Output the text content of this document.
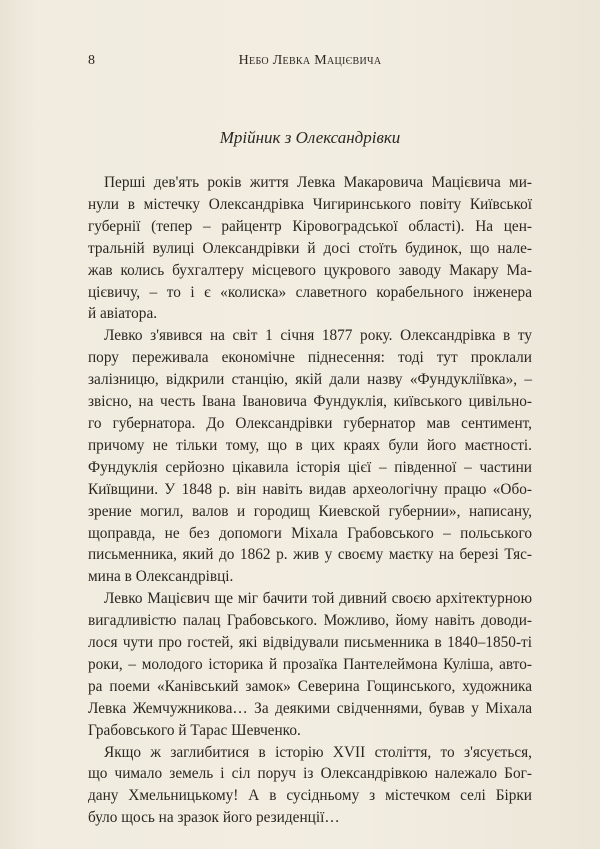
8	Небо Левка Мацієвича
Мрійник з Олександрівки

Перші дев'ять років життя Левка Макаровича Мацієвича ми-
нули в містечку Олександрівка Чигиринського повіту Київської
губернії (тепер – райцентр Кіровоградської області). На цен-
тральній вулиці Олександрівки й досі стоїть будинок, що нале-
жав колись бухгалтеру місцевого цукрового заводу Макару Ма-
цієвичу, – то і є «колиска» славетного корабельного інженера
й авіатора.

Левко з'явився на світ 1 січня 1877 року. Олександрівка в ту
пору переживала економічне піднесення: тоді тут проклали
залізницю, відкрили станцію, якій дали назву «Фундукліївка», –
звісно, на честь Івана Івановича Фундуклія, київського цивільно-
го губернатора. До Олександрівки губернатор мав сентимент,
причому не тільки тому, що в цих краях були його маєтності.
Фундуклія серйозно цікавила історія цієї – південної – частини
Київщини. У 1848 р. він навіть видав археологічну працю «Обо-
зрение могил, валов и городищ Киевской губернии», написану,
щоправда, не без допомоги Міхала Грабовського – польського
письменника, який до 1862 р. жив у своєму маєтку на березі Тяс-
мина в Олександрівці.

Левко Мацієвич ще міг бачити той дивний своєю архітектурною
вигадливістю палац Грабовського. Можливо, йому навіть доводи-
лося чути про гостей, які відвідували письменника в 1840–1850-ті
роки, – молодого історика й прозаїка Пантелеймона Куліша, авто-
ра поеми «Канівський замок» Северина Гощинського, художника
Левка Жемчужникова… За деякими свідченнями, бував у Міхала
Грабовського й Тарас Шевченко.

Якщо ж заглибитися в історію XVII століття, то з'ясується,
що чимало земель і сіл поруч із Олександрівкою належало Бог-
дану Хмельницькому! А в сусідньому з містечком селі Бірки
було щось на зразок його резиденції…
